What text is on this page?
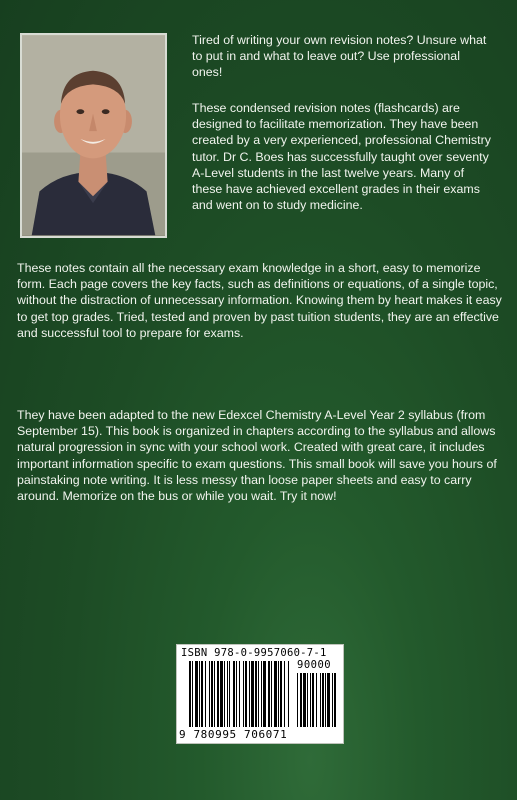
Tired of writing your own revision notes? Unsure what to put in and what to leave out? Use professional ones!

These condensed revision notes (flashcards) are designed to facilitate memorization. They have been created by a very experienced, professional Chemistry tutor. Dr C. Boes has successfully taught over seventy A-Level students in the last twelve years. Many of these have achieved excellent grades in their exams and went on to study medicine.

These notes contain all the necessary exam knowledge in a short, easy to memorize form. Each page covers the key facts, such as definitions or equations, of a single topic, without the distraction of unnecessary information. Knowing them by heart makes it easy to get top grades. Tried, tested and proven by past tuition students, they are an effective and successful tool to prepare for exams.

They have been adapted to the new Edexcel Chemistry A-Level Year 2 syllabus (from September 15). This book is organized in chapters according to the syllabus and allows natural progression in sync with your school work. Created with great care, it includes important information specific to exam questions. This small book will save you hours of painstaking note writing. It is less messy than loose paper sheets and easy to carry around. Memorize on the bus or while you wait. Try it now!

ISBN 978-0-9957060-7-1
90000
9 780995 706071
